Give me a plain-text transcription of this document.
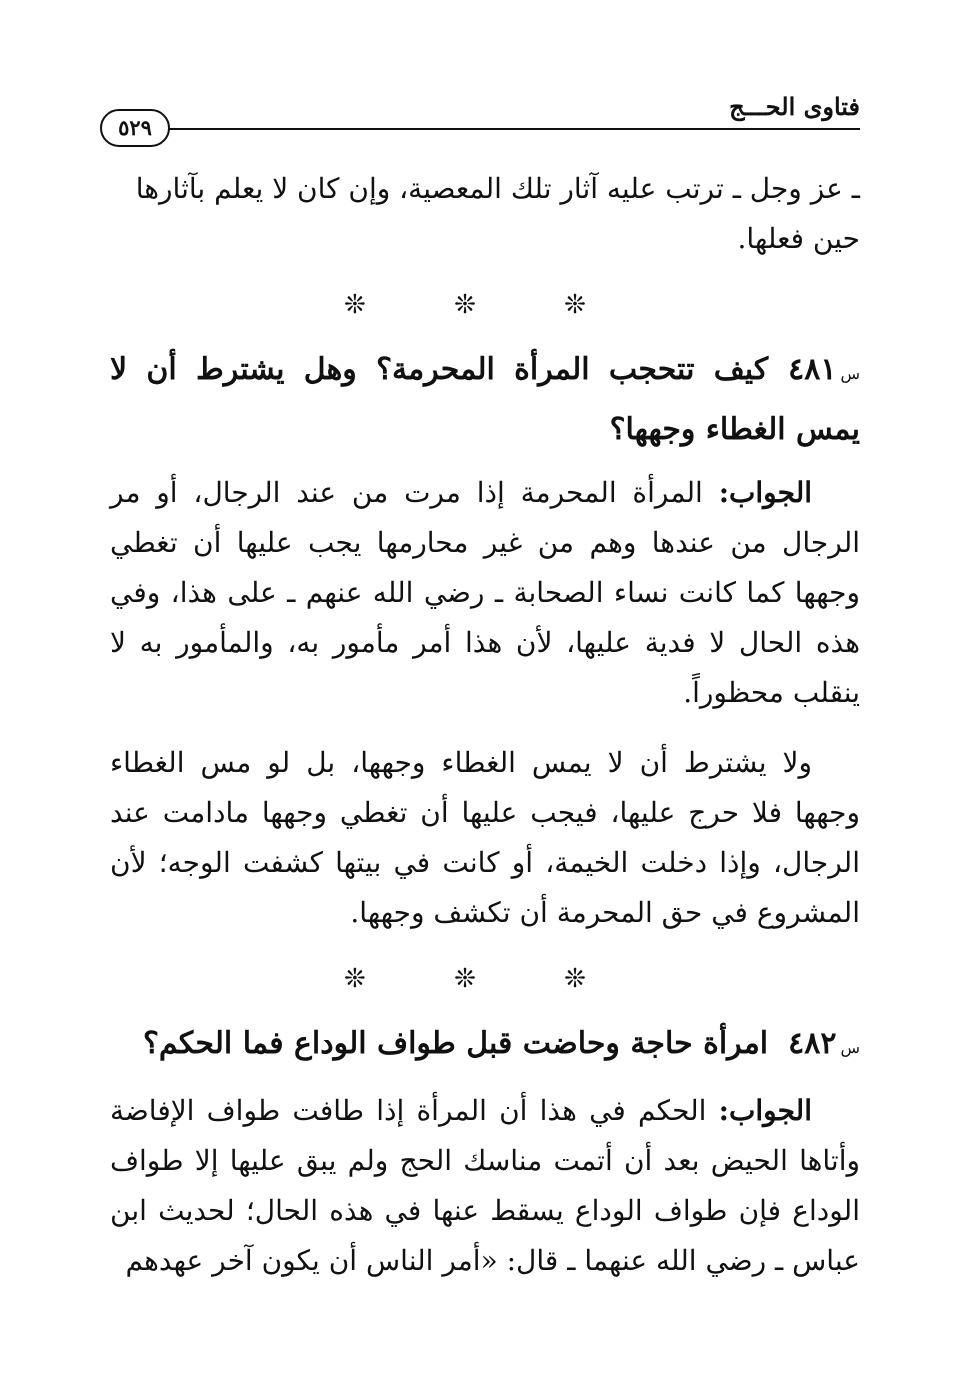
فتاوى الحـــج
٥٢٩

ـ عز وجل ـ ترتب عليه آثار تلك المعصية، وإن كان لا يعلم بآثارها
حين فعلها.

❊ ❊ ❊

س٤٨١كيف تتحجب المرأة المحرمة؟ وهل يشترط أن لا يمس الغطاء وجهها؟

الجواب: المرأة المحرمة إذا مرت من عند الرجال، أو مر الرجال من عندها وهم من غير محارمها يجب عليها أن تغطي وجهها كما كانت نساء الصحابة ـ رضي الله عنهم ـ على هذا، وفي هذه الحال لا فدية عليها، لأن هذا أمر مأمور به، والمأمور به لا ينقلب محظوراً.

ولا يشترط أن لا يمس الغطاء وجهها، بل لو مس الغطاء وجهها فلا حرج عليها، فيجب عليها أن تغطي وجهها مادامت عند الرجال، وإذا دخلت الخيمة، أو كانت في بيتها كشفت الوجه؛ لأن المشروع في حق المحرمة أن تكشف وجهها.

❊ ❊ ❊

س٤٨٢امرأة حاجة وحاضت قبل طواف الوداع فما الحكم؟

الجواب: الحكم في هذا أن المرأة إذا طافت طواف الإفاضة وأتاها الحيض بعد أن أتمت مناسك الحج ولم يبق عليها إلا طواف الوداع فإن طواف الوداع يسقط عنها في هذه الحال؛ لحديث ابن عباس ـ رضي الله عنهما ـ قال: «أمر الناس أن يكون آخر عهدهم
